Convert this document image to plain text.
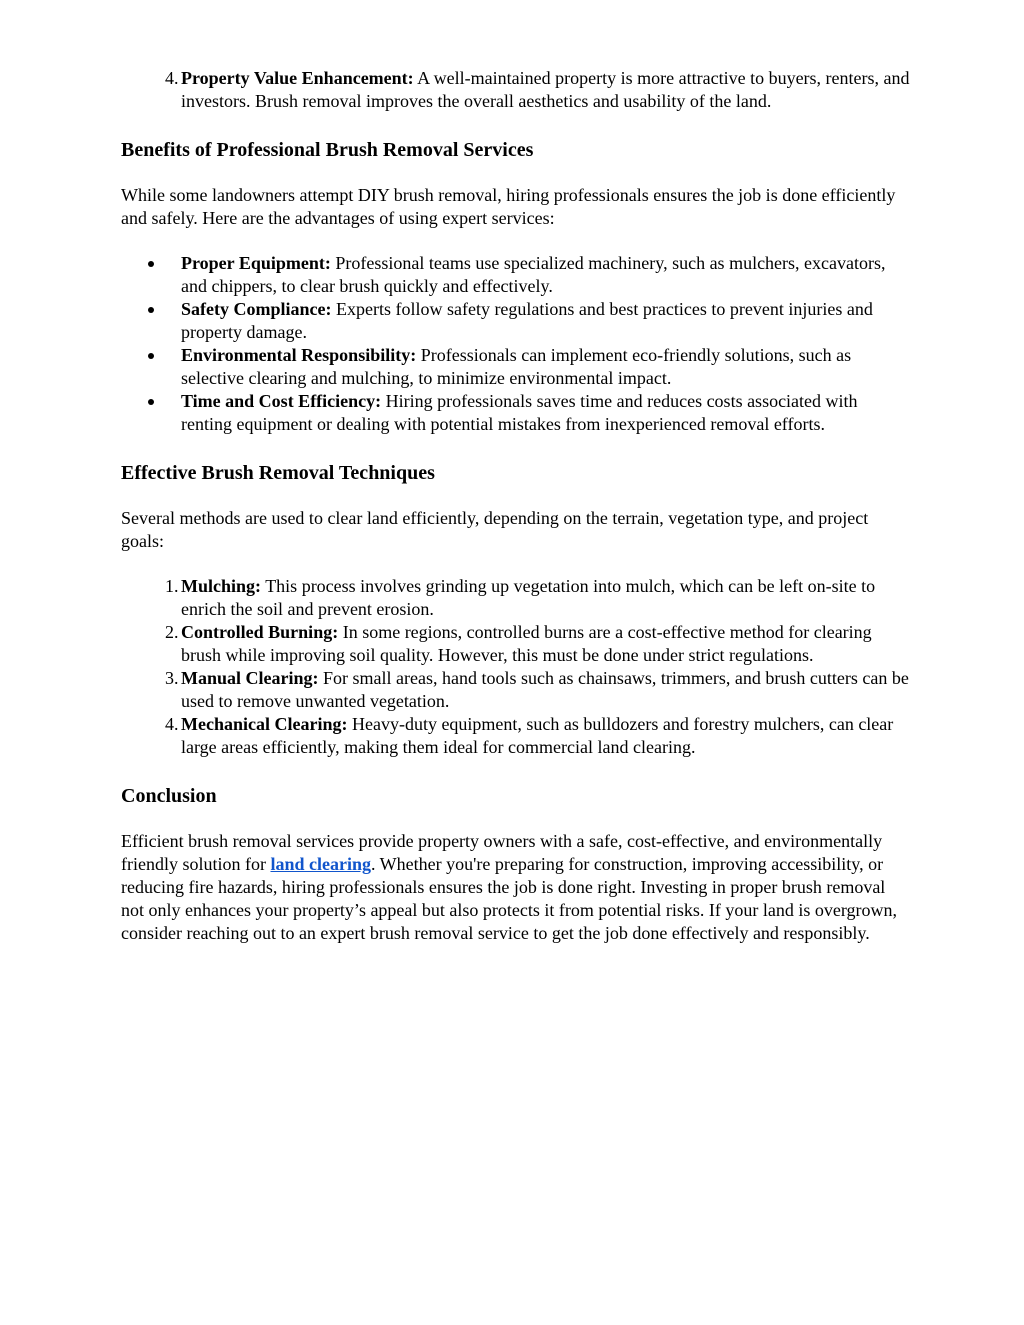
4. Property Value Enhancement: A well-maintained property is more attractive to buyers, renters, and investors. Brush removal improves the overall aesthetics and usability of the land.
Benefits of Professional Brush Removal Services

While some landowners attempt DIY brush removal, hiring professionals ensures the job is done efficiently and safely. Here are the advantages of using expert services:

Proper Equipment: Professional teams use specialized machinery, such as mulchers, excavators, and chippers, to clear brush quickly and effectively.
Safety Compliance: Experts follow safety regulations and best practices to prevent injuries and property damage.
Environmental Responsibility: Professionals can implement eco-friendly solutions, such as selective clearing and mulching, to minimize environmental impact.
Time and Cost Efficiency: Hiring professionals saves time and reduces costs associated with renting equipment or dealing with potential mistakes from inexperienced removal efforts.
Effective Brush Removal Techniques

Several methods are used to clear land efficiently, depending on the terrain, vegetation type, and project goals:

1. Mulching: This process involves grinding up vegetation into mulch, which can be left on-site to enrich the soil and prevent erosion.
2. Controlled Burning: In some regions, controlled burns are a cost-effective method for clearing brush while improving soil quality. However, this must be done under strict regulations.
3. Manual Clearing: For small areas, hand tools such as chainsaws, trimmers, and brush cutters can be used to remove unwanted vegetation.
4. Mechanical Clearing: Heavy-duty equipment, such as bulldozers and forestry mulchers, can clear large areas efficiently, making them ideal for commercial land clearing.
Conclusion

Efficient brush removal services provide property owners with a safe, cost-effective, and environmentally friendly solution for land clearing. Whether you're preparing for construction, improving accessibility, or reducing fire hazards, hiring professionals ensures the job is done right. Investing in proper brush removal not only enhances your property’s appeal but also protects it from potential risks. If your land is overgrown, consider reaching out to an expert brush removal service to get the job done effectively and responsibly.
